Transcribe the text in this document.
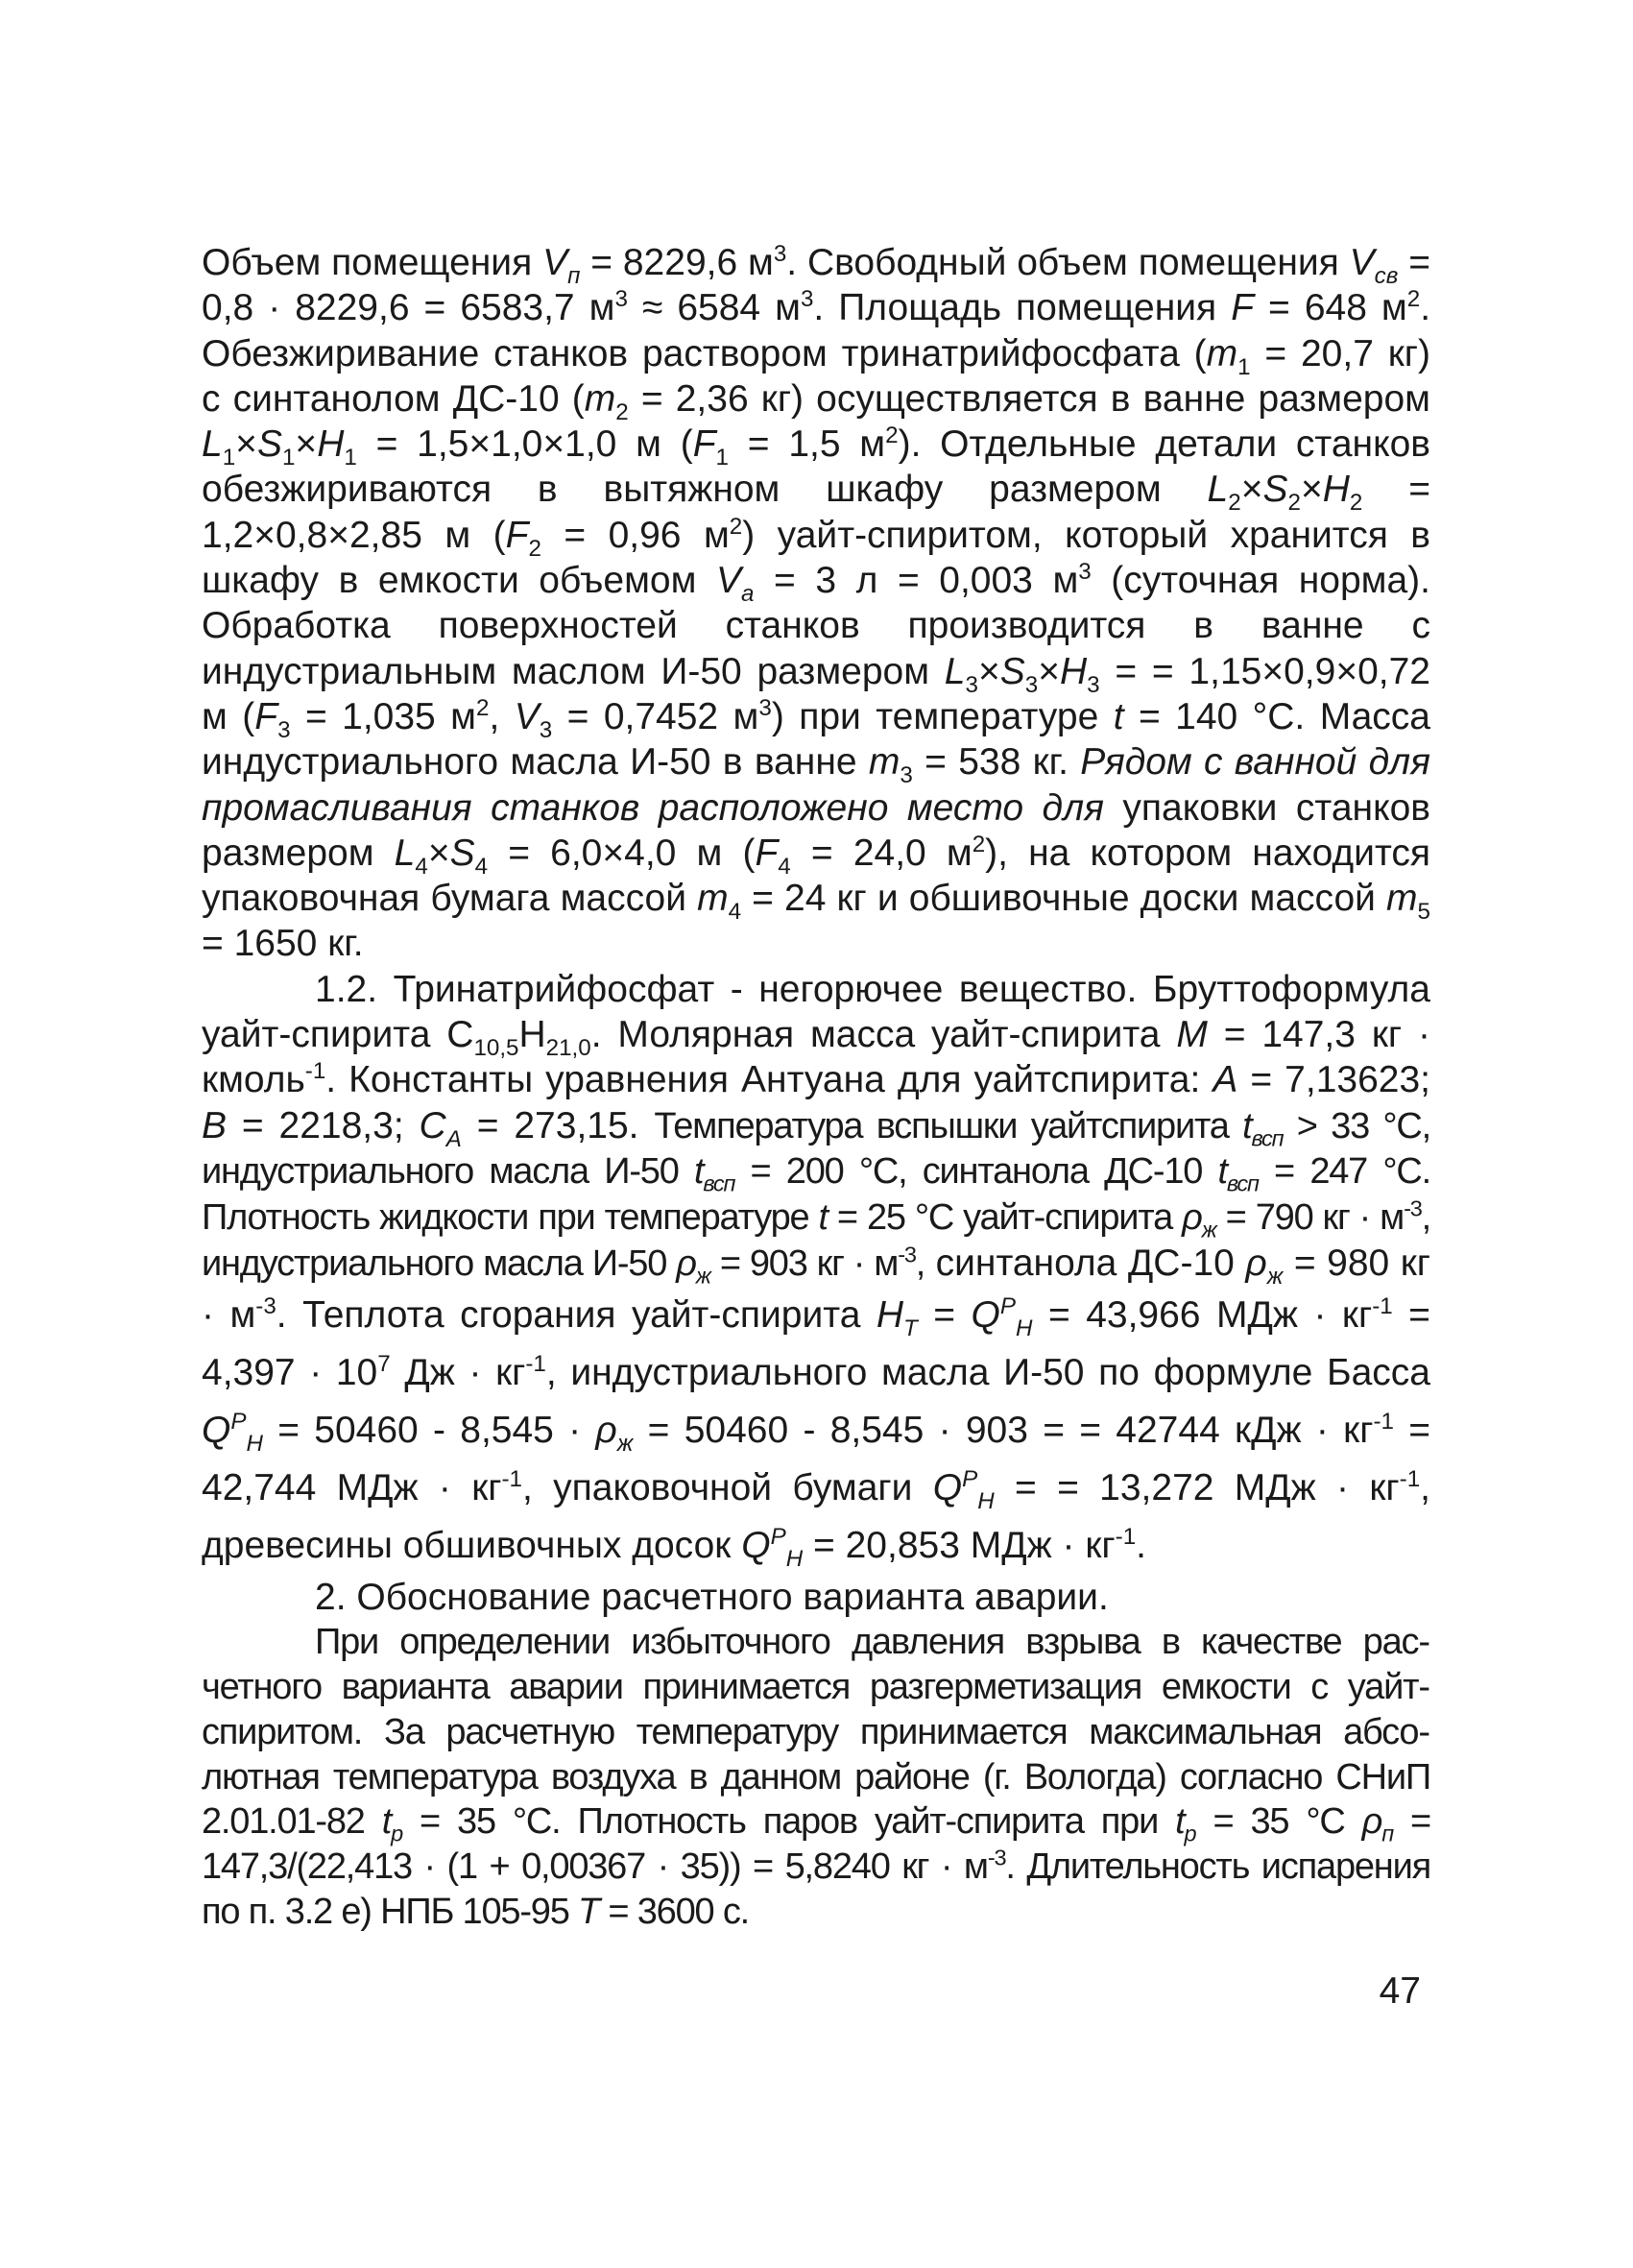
Объем помещения $V_п = 8229,6$ $м^3$. Свободный объем помещения $V_{св} = 0,8 \cdot 8229,6 = 6583,7$ $м^3 \approx 6584$ $м^3$. Площадь помещения F = 648 $м^2$. Обезжиривание станков раствором тринатрийфосфата ($m_1 = 20,7$ кг) с синтанолом ДС-10 ($m_2 = 2,36$ кг) осуществляется в ванне размером $L_1\times S_1\times H_1 = 1,5\times 1,0\times 1,0$ м ($F_1 = 1,5$ $м^2$). Отдельные детали станков обезжириваются в вытяжном шкафу размером $L_2\times S_2\times H_2 = 1,2\times 0,8\times 2,85$ м ($F_2 = 0,96$ $м^2$) уайт-спиритом, который хранится в шкафу в емкости объемом $V_а = 3$ л = 0,003 $м^3$ (суточная норма). Обработка поверхностей станков производится в ванне с индустриальным маслом И-50 размером $L_3\times S_3\times H_3$ = = 1,15×0,9×0,72 м ($F_3 = 1,035$ $м^2$, $V_3 = 0,7452$ $м^3$) при температуре t = 140 °С. Масса индустриального масла И-50 в ванне $m_3 = 538$ кг. Рядом с ванной для промасливания станков расположено место для упаковки станков размером $L_4\times S_4 = 6,0\times 4,0$ м ($F_4 = 24,0$ $м^2$), на котором находится упаковочная бумага массой $m_4 = 24$ кг и обшивочные доски массой $m_5 = 1650$ кг.

1.2. Тринатрийфосфат - негорючее вещество. Бруттоформула уайт-спирита $С_{10,5}Н_{21,0}$. Молярная масса уайт-спирита М = 147,3 кг · кмоль$^{-1}$. Константы уравнения Антуана для уайтспирита: А = 7,13623; В = 2218,3; $С_А = 273,15$. Температура вспышки уайтспирита $t_{всп} > 33$ °С, индустриального масла И-50 $t_{всп} = 200$ °С, синтанола ДС-10 $t_{всп} = 247$ °С. Плотность жидкости при температуре t = 25 °С уайт-спирита $\rho_ж = 790$ кг · $м^{-3}$, индустриального масла И-50 $\rho_ж = 903$ кг · $м^{-3}$, синтанола ДС-10 $\rho_ж = 980$ кг · $м^{-3}$. Теплота сгорания уайт-спирита $Н_Т = Q^Р_Н = 43,966$ МДж · $кг^{-1} = 4,397 \cdot 10^7$ Дж · $кг^{-1}$, индустриального масла И-50 по формуле Басса $Q^Р_Н = 50460 - 8,545 \cdot \rho_ж = 50460 - 8,545 \cdot 903$ = = 42744 кДж · $кг^{-1} = 42,744$ МДж · $кг^{-1}$, упаковочной бумаги $Q^Р_Н$ = = 13,272 МДж · $кг^{-1}$, древесины обшивочных досок $Q^Р_Н = 20,853$ МДж · $кг^{-1}$.

2. Обоснование расчетного варианта аварии.

При определении избыточного давления взрыва в качестве расчетного варианта аварии принимается разгерметизация емкости с уайтспиритом. За расчетную температуру принимается максимальная абсолютная температура воздуха в данном районе (г. Вологда) согласно СНиП 2.01.01-82 $t_р = 35$ °С. Плотность паров уайт-спирита при $t_р = 35$ °С $\rho_п = 147,3/(22,413 \cdot (1 + 0,00367 \cdot 35)) = 5,8240$ кг · $м^{-3}$. Длительность испарения по п. 3.2 е) НПБ 105-95 Т = 3600 с.

47
